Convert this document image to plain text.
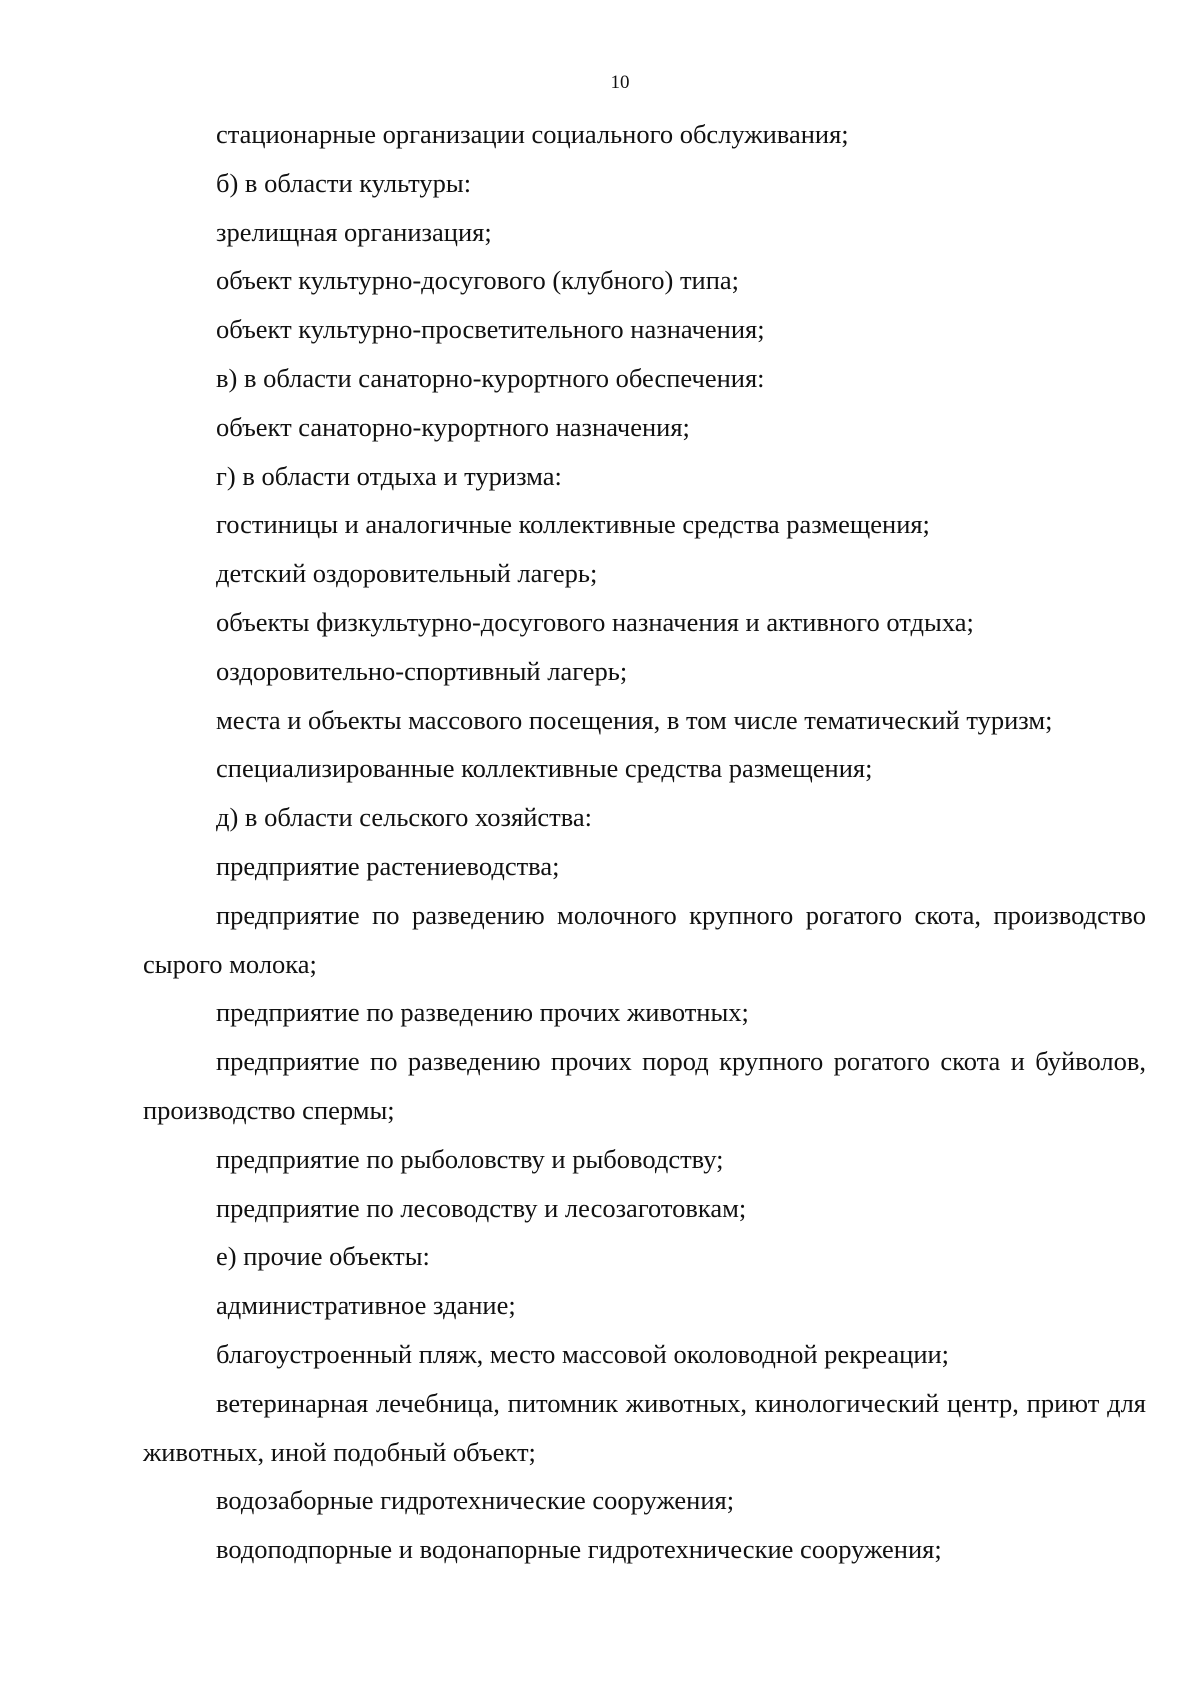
10

стационарные организации социального обслуживания;

б) в области культуры:

зрелищная организация;

объект культурно-досугового (клубного) типа;

объект культурно-просветительного назначения;

в) в области санаторно-курортного обеспечения:

объект санаторно-курортного назначения;

г) в области отдыха и туризма:

гостиницы и аналогичные коллективные средства размещения;

детский оздоровительный лагерь;

объекты физкультурно-досугового назначения и активного отдыха;

оздоровительно-спортивный лагерь;

места и объекты массового посещения, в том числе тематический туризм;

специализированные коллективные средства размещения;

д) в области сельского хозяйства:

предприятие растениеводства;

предприятие по разведению молочного крупного рогатого скота, производство сырого молока;

предприятие по разведению прочих животных;

предприятие по разведению прочих пород крупного рогатого скота и буйволов, производство спермы;

предприятие по рыболовству и рыбоводству;

предприятие по лесоводству и лесозаготовкам;

е) прочие объекты:

административное здание;

благоустроенный пляж, место массовой околоводной рекреации;

ветеринарная лечебница, питомник животных, кинологический центр, приют для животных, иной подобный объект;

водозаборные гидротехнические сооружения;

водоподпорные и водонапорные гидротехнические сооружения;
